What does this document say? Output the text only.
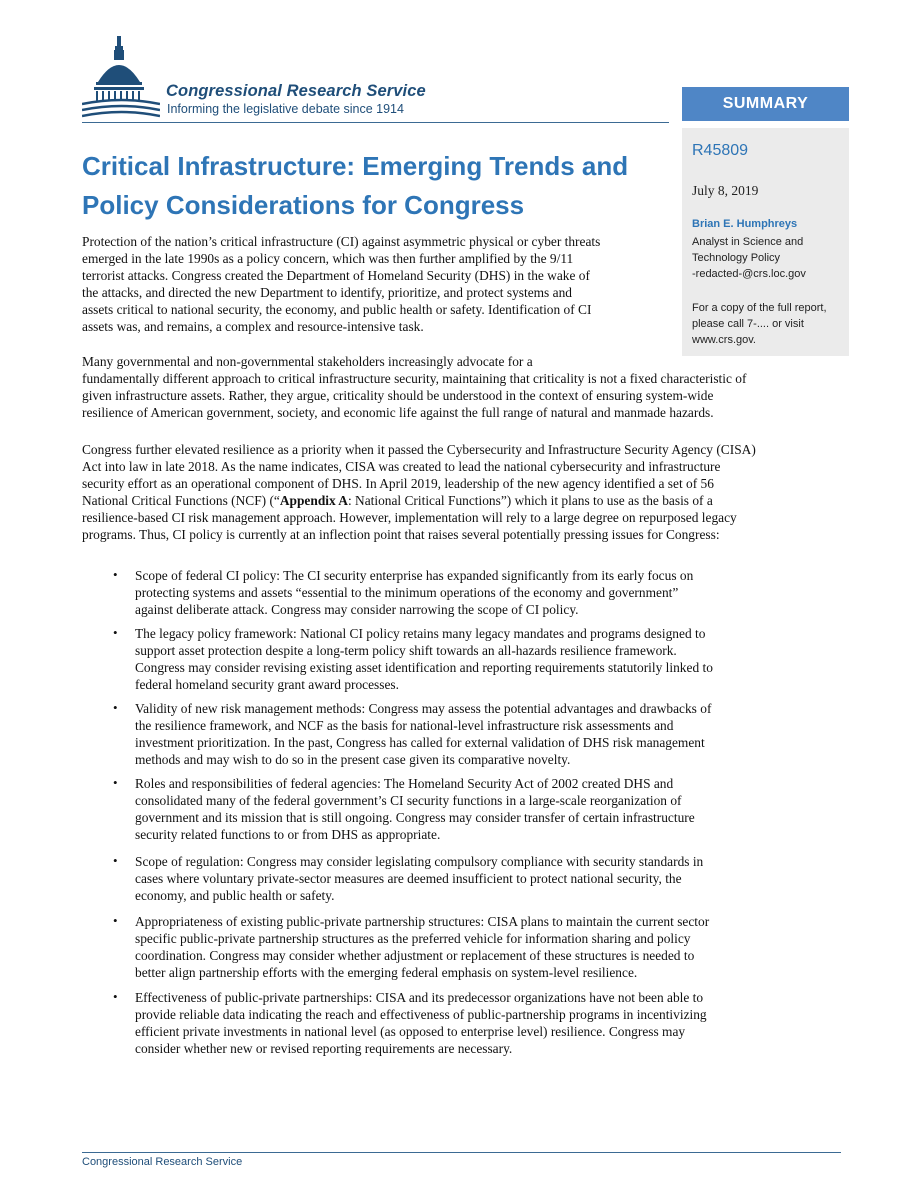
Congressional Research Service
Informing the legislative debate since 1914	SUMMARY
R45809
July 8, 2019
Brian E. Humphreys
Analyst in Science and
Technology Policy
-redacted-@crs.loc.gov
For a copy of the full report,
please call 7-.... or visit
www.crs.gov.
Critical Infrastructure: Emerging Trends and
Policy Considerations for Congress
Protection of the nation’s critical infrastructure (CI) against asymmetric physical or cyber threats
emerged in the late 1990s as a policy concern, which was then further amplified by the 9/11
terrorist attacks. Congress created the Department of Homeland Security (DHS) in the wake of
the attacks, and directed the new Department to identify, prioritize, and protect systems and
assets critical to national security, the economy, and public health or safety. Identification of CI
assets was, and remains, a complex and resource-intensive task.
Many governmental and non-governmental stakeholders increasingly advocate for a
fundamentally different approach to critical infrastructure security, maintaining that criticality is not a fixed characteristic of
given infrastructure assets. Rather, they argue, criticality should be understood in the context of ensuring system-wide
resilience of American government, society, and economic life against the full range of natural and manmade hazards.
Congress further elevated resilience as a priority when it passed the Cybersecurity and Infrastructure Security Agency (CISA)
Act into law in late 2018. As the name indicates, CISA was created to lead the national cybersecurity and infrastructure
security effort as an operational component of DHS. In April 2019, leadership of the new agency identified a set of 56
National Critical Functions (NCF) (“Appendix A: National Critical Functions”) which it plans to use as the basis of a
resilience-based CI risk management approach. However, implementation will rely to a large degree on repurposed legacy
programs. Thus, CI policy is currently at an inflection point that raises several potentially pressing issues for Congress:
• Scope of federal CI policy: The CI security enterprise has expanded significantly from its early focus on
protecting systems and assets “essential to the minimum operations of the economy and government”
against deliberate attack. Congress may consider narrowing the scope of CI policy.
• The legacy policy framework: National CI policy retains many legacy mandates and programs designed to
support asset protection despite a long-term policy shift towards an all-hazards resilience framework.
Congress may consider revising existing asset identification and reporting requirements statutorily linked to
federal homeland security grant award processes.
• Validity of new risk management methods: Congress may assess the potential advantages and drawbacks of
the resilience framework, and NCF as the basis for national-level infrastructure risk assessments and
investment prioritization. In the past, Congress has called for external validation of DHS risk management
methods and may wish to do so in the present case given its comparative novelty.
• Roles and responsibilities of federal agencies: The Homeland Security Act of 2002 created DHS and
consolidated many of the federal government’s CI security functions in a large-scale reorganization of
government and its mission that is still ongoing. Congress may consider transfer of certain infrastructure
security related functions to or from DHS as appropriate.
• Scope of regulation: Congress may consider legislating compulsory compliance with security standards in
cases where voluntary private-sector measures are deemed insufficient to protect national security, the
economy, and public health or safety.
• Appropriateness of existing public-private partnership structures: CISA plans to maintain the current sector
specific public-private partnership structures as the preferred vehicle for information sharing and policy
coordination. Congress may consider whether adjustment or replacement of these structures is needed to
better align partnership efforts with the emerging federal emphasis on system-level resilience.
• Effectiveness of public-private partnerships: CISA and its predecessor organizations have not been able to
provide reliable data indicating the reach and effectiveness of public-partnership programs in incentivizing
efficient private investments in national level (as opposed to enterprise level) resilience. Congress may
consider whether new or revised reporting requirements are necessary.
Congressional Research Service
